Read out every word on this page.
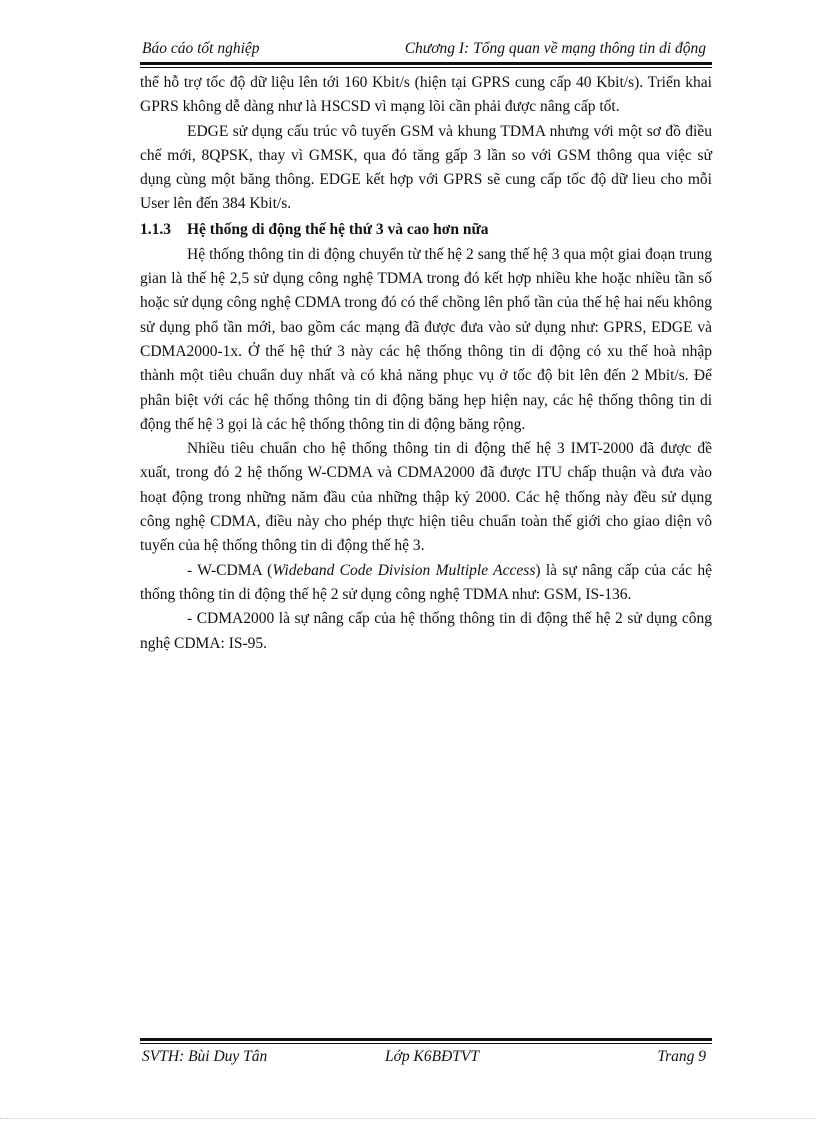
Báo cáo tốt nghiệp	Chương I: Tổng quan về mạng thông tin di động

thể hỗ trợ tốc độ dữ liệu lên tới 160 Kbit/s (hiện tại GPRS cung cấp 40 Kbit/s). Triển khai GPRS không dễ dàng như là HSCSD vì mạng lõi cần phải được nâng cấp tốt.

EDGE sử dụng cấu trúc vô tuyến GSM và khung TDMA nhưng với một sơ đồ điều chế mới, 8QPSK, thay vì GMSK, qua đó tăng gấp 3 lần so với GSM thông qua việc sử dụng cùng một băng thông. EDGE kết hợp với GPRS sẽ cung cấp tốc độ dữ lieu cho mỗi User lên đến 384 Kbit/s.

1.1.3 Hệ thống di động thế hệ thứ 3 và cao hơn nữa

Hệ thống thông tin di động chuyển từ thế hệ 2 sang thế hệ 3 qua một giai đoạn trung gian là thế hệ 2,5 sử dụng công nghệ TDMA trong đó kết hợp nhiều khe hoặc nhiều tần số hoặc sử dụng công nghệ CDMA trong đó có thể chồng lên phổ tần của thế hệ hai nếu không sử dụng phổ tần mới, bao gồm các mạng đã được đưa vào sử dụng như: GPRS, EDGE và CDMA2000-1x. Ở thế hệ thứ 3 này các hệ thống thông tin di động có xu thế hoà nhập thành một tiêu chuẩn duy nhất và có khả năng phục vụ ở tốc độ bit lên đến 2 Mbit/s. Để phân biệt với các hệ thống thông tin di động băng hẹp hiện nay, các hệ thống thông tin di động thế hệ 3 gọi là các hệ thống thông tin di động băng rộng.

Nhiều tiêu chuẩn cho hệ thống thông tin di động thế hệ 3 IMT-2000 đã được đề xuất, trong đó 2 hệ thống W-CDMA và CDMA2000 đã được ITU chấp thuận và đưa vào hoạt động trong những năm đầu của những thập kỷ 2000. Các hệ thống này đều sử dụng công nghệ CDMA, điều này cho phép thực hiện tiêu chuẩn toàn thế giới cho giao diện vô tuyến của hệ thống thông tin di động thế hệ 3.

- W-CDMA (Wideband Code Division Multiple Access) là sự nâng cấp của các hệ thống thông tin di động thế hệ 2 sử dụng công nghệ TDMA như: GSM, IS-136.

- CDMA2000 là sự nâng cấp của hệ thống thông tin di động thế hệ 2 sử dụng công nghệ CDMA: IS-95.

SVTH: Bùi Duy Tân	Lớp K6BĐTVT	Trang 9
